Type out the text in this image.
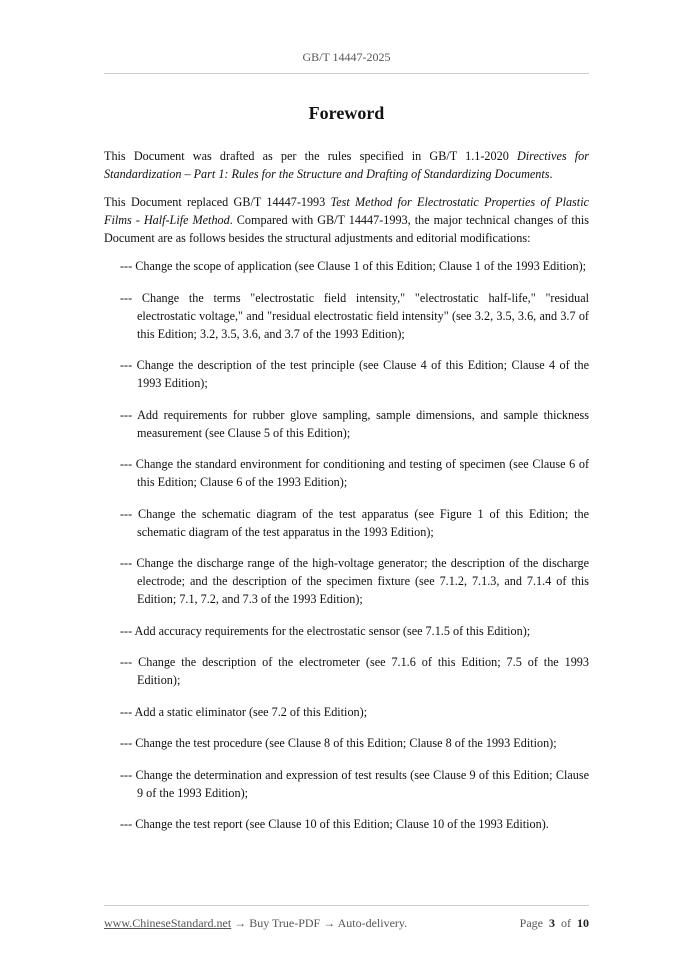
GB/T 14447-2025
Foreword

This Document was drafted as per the rules specified in GB/T 1.1-2020 Directives for Standardization – Part 1: Rules for the Structure and Drafting of Standardizing Documents.

This Document replaced GB/T 14447-1993 Test Method for Electrostatic Properties of Plastic Films - Half-Life Method. Compared with GB/T 14447-1993, the major technical changes of this Document are as follows besides the structural adjustments and editorial modifications:

--- Change the scope of application (see Clause 1 of this Edition; Clause 1 of the 1993 Edition);
--- Change the terms "electrostatic field intensity," "electrostatic half-life," "residual electrostatic voltage," and "residual electrostatic field intensity" (see 3.2, 3.5, 3.6, and 3.7 of this Edition; 3.2, 3.5, 3.6, and 3.7 of the 1993 Edition);
--- Change the description of the test principle (see Clause 4 of this Edition; Clause 4 of the 1993 Edition);
--- Add requirements for rubber glove sampling, sample dimensions, and sample thickness measurement (see Clause 5 of this Edition);
--- Change the standard environment for conditioning and testing of specimen (see Clause 6 of this Edition; Clause 6 of the 1993 Edition);
--- Change the schematic diagram of the test apparatus (see Figure 1 of this Edition; the schematic diagram of the test apparatus in the 1993 Edition);
--- Change the discharge range of the high-voltage generator; the description of the discharge electrode; and the description of the specimen fixture (see 7.1.2, 7.1.3, and 7.1.4 of this Edition; 7.1, 7.2, and 7.3 of the 1993 Edition);
--- Add accuracy requirements for the electrostatic sensor (see 7.1.5 of this Edition);
--- Change the description of the electrometer (see 7.1.6 of this Edition; 7.5 of the 1993 Edition);
--- Add a static eliminator (see 7.2 of this Edition);
--- Change the test procedure (see Clause 8 of this Edition; Clause 8 of the 1993 Edition);
--- Change the determination and expression of test results (see Clause 9 of this Edition; Clause 9 of the 1993 Edition);
--- Change the test report (see Clause 10 of this Edition; Clause 10 of the 1993 Edition).
www.ChineseStandard.net → Buy True-PDF → Auto-delivery.	Page 3 of 10
